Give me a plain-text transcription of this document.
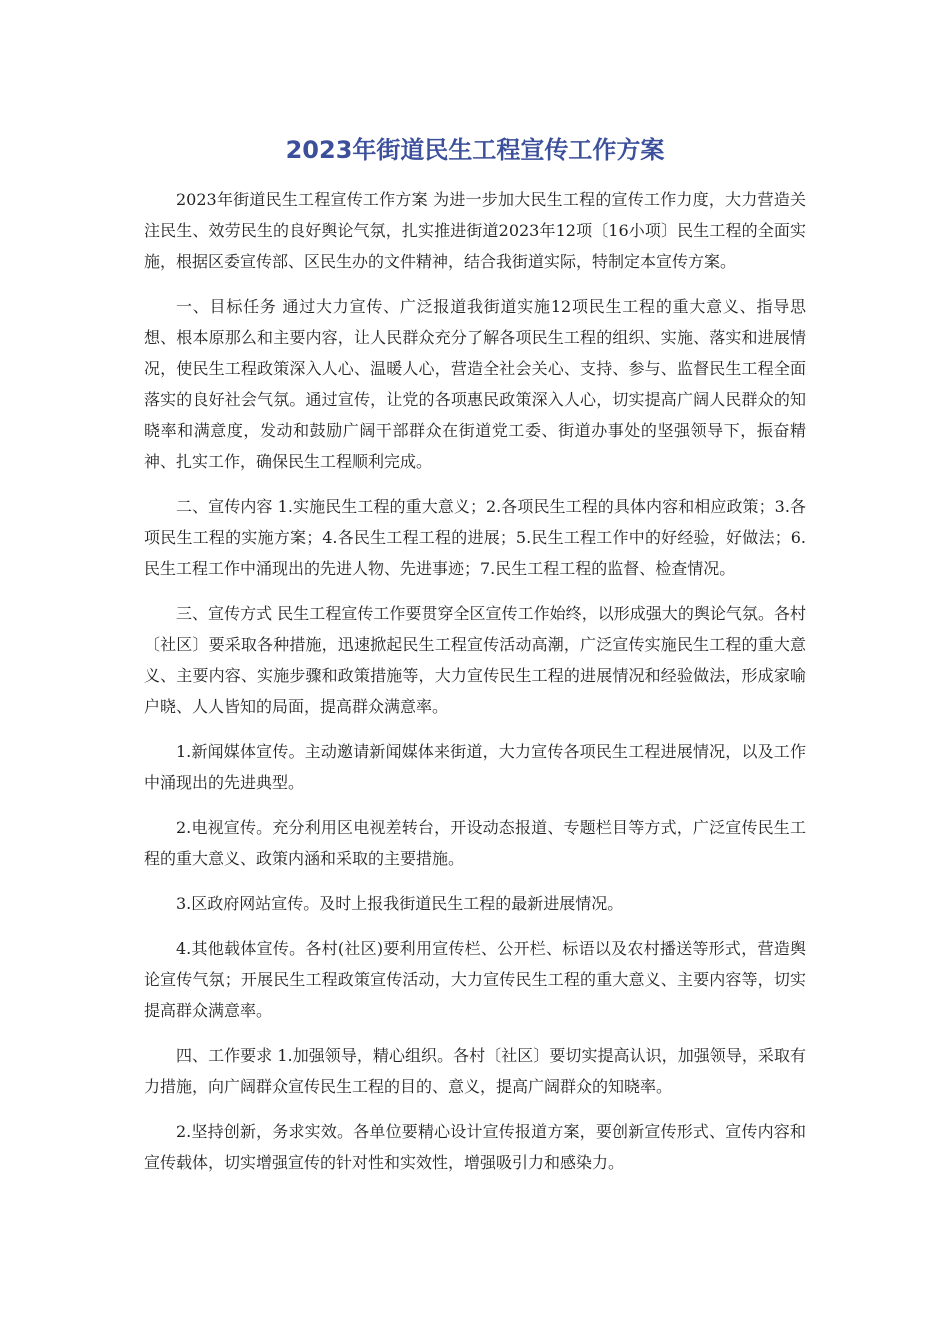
2023年街道民生工程宣传工作方案

2023年街道民生工程宣传工作方案 为进一步加大民生工程的宣传工作力度，大力营造关注民生、效劳民生的良好舆论气氛，扎实推进街道2023年12项〔16小项〕民生工程的全面实施，根据区委宣传部、区民生办的文件精神，结合我街道实际，特制定本宣传方案。

一、目标任务 通过大力宣传、广泛报道我街道实施12项民生工程的重大意义、指导思想、根本原那么和主要内容，让人民群众充分了解各项民生工程的组织、实施、落实和进展情况，使民生工程政策深入人心、温暖人心，营造全社会关心、支持、参与、监督民生工程全面落实的良好社会气氛。通过宣传，让党的各项惠民政策深入人心，切实提高广阔人民群众的知晓率和满意度，发动和鼓励广阔干部群众在街道党工委、街道办事处的坚强领导下，振奋精神、扎实工作，确保民生工程顺利完成。

二、宣传内容 1.实施民生工程的重大意义；2.各项民生工程的具体内容和相应政策；3.各项民生工程的实施方案；4.各民生工程工程的进展；5.民生工程工作中的好经验，好做法；6.民生工程工作中涌现出的先进人物、先进事迹；7.民生工程工程的监督、检查情况。

三、宣传方式 民生工程宣传工作要贯穿全区宣传工作始终，以形成强大的舆论气氛。各村〔社区〕要采取各种措施，迅速掀起民生工程宣传活动高潮，广泛宣传实施民生工程的重大意义、主要内容、实施步骤和政策措施等，大力宣传民生工程的进展情况和经验做法，形成家喻户晓、人人皆知的局面，提高群众满意率。

1.新闻媒体宣传。主动邀请新闻媒体来街道，大力宣传各项民生工程进展情况，以及工作中涌现出的先进典型。

2.电视宣传。充分利用区电视差转台，开设动态报道、专题栏目等方式，广泛宣传民生工程的重大意义、政策内涵和采取的主要措施。

3.区政府网站宣传。及时上报我街道民生工程的最新进展情况。

4.其他载体宣传。各村(社区)要利用宣传栏、公开栏、标语以及农村播送等形式，营造舆论宣传气氛；开展民生工程政策宣传活动，大力宣传民生工程的重大意义、主要内容等，切实提高群众满意率。

四、工作要求 1.加强领导，精心组织。各村〔社区〕要切实提高认识，加强领导，采取有力措施，向广阔群众宣传民生工程的目的、意义，提高广阔群众的知晓率。

2.坚持创新，务求实效。各单位要精心设计宣传报道方案，要创新宣传形式、宣传内容和宣传载体，切实增强宣传的针对性和实效性，增强吸引力和感染力。
